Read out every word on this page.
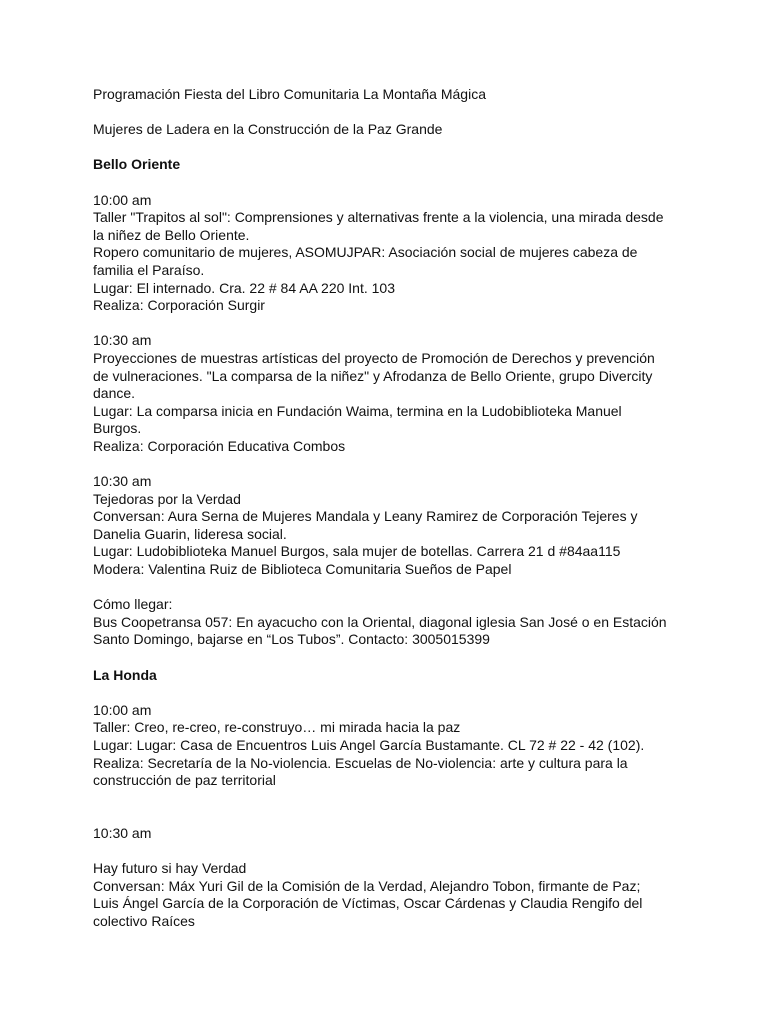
Programación Fiesta del Libro Comunitaria La Montaña Mágica

Mujeres de Ladera en la Construcción de la Paz Grande

Bello Oriente

10:00 am

Taller "Trapitos al sol": Comprensiones y alternativas frente a la violencia, una mirada desde

la niñez de Bello Oriente.

Ropero comunitario de mujeres, ASOMUJPAR: Asociación social de mujeres cabeza de

familia el Paraíso.

Lugar: El internado. Cra. 22 # 84 AA 220 Int. 103

Realiza: Corporación Surgir

10:30 am

Proyecciones de muestras artísticas del proyecto de Promoción de Derechos y prevención

de vulneraciones. "La comparsa de la niñez" y Afrodanza de Bello Oriente, grupo Divercity

dance.

Lugar: La comparsa inicia en Fundación Waima, termina en la Ludobiblioteka Manuel

Burgos.

Realiza: Corporación Educativa Combos

10:30 am

Tejedoras por la Verdad

Conversan: Aura Serna de Mujeres Mandala y Leany Ramirez de Corporación Tejeres y

Danelia Guarin, lideresa social.

Lugar: Ludobiblioteka Manuel Burgos, sala mujer de botellas. Carrera 21 d #84aa115

Modera: Valentina Ruiz de Biblioteca Comunitaria Sueños de Papel

Cómo llegar:

Bus Coopetransa 057: En ayacucho con la Oriental, diagonal iglesia San José o en Estación

Santo Domingo, bajarse en “Los Tubos”. Contacto: 3005015399

La Honda

10:00 am

Taller: Creo, re-creo, re-construyo… mi mirada hacia la paz

Lugar: Lugar: Casa de Encuentros Luis Angel García Bustamante. CL 72 # 22 - 42 (102).

Realiza: Secretaría de la No-violencia. Escuelas de No-violencia: arte y cultura para la

construcción de paz territorial

10:30 am

Hay futuro si hay Verdad

Conversan: Máx Yuri Gil de la Comisión de la Verdad, Alejandro Tobon, firmante de Paz;

Luis Ángel García de la Corporación de Víctimas, Oscar Cárdenas y Claudia Rengifo del

colectivo Raíces
